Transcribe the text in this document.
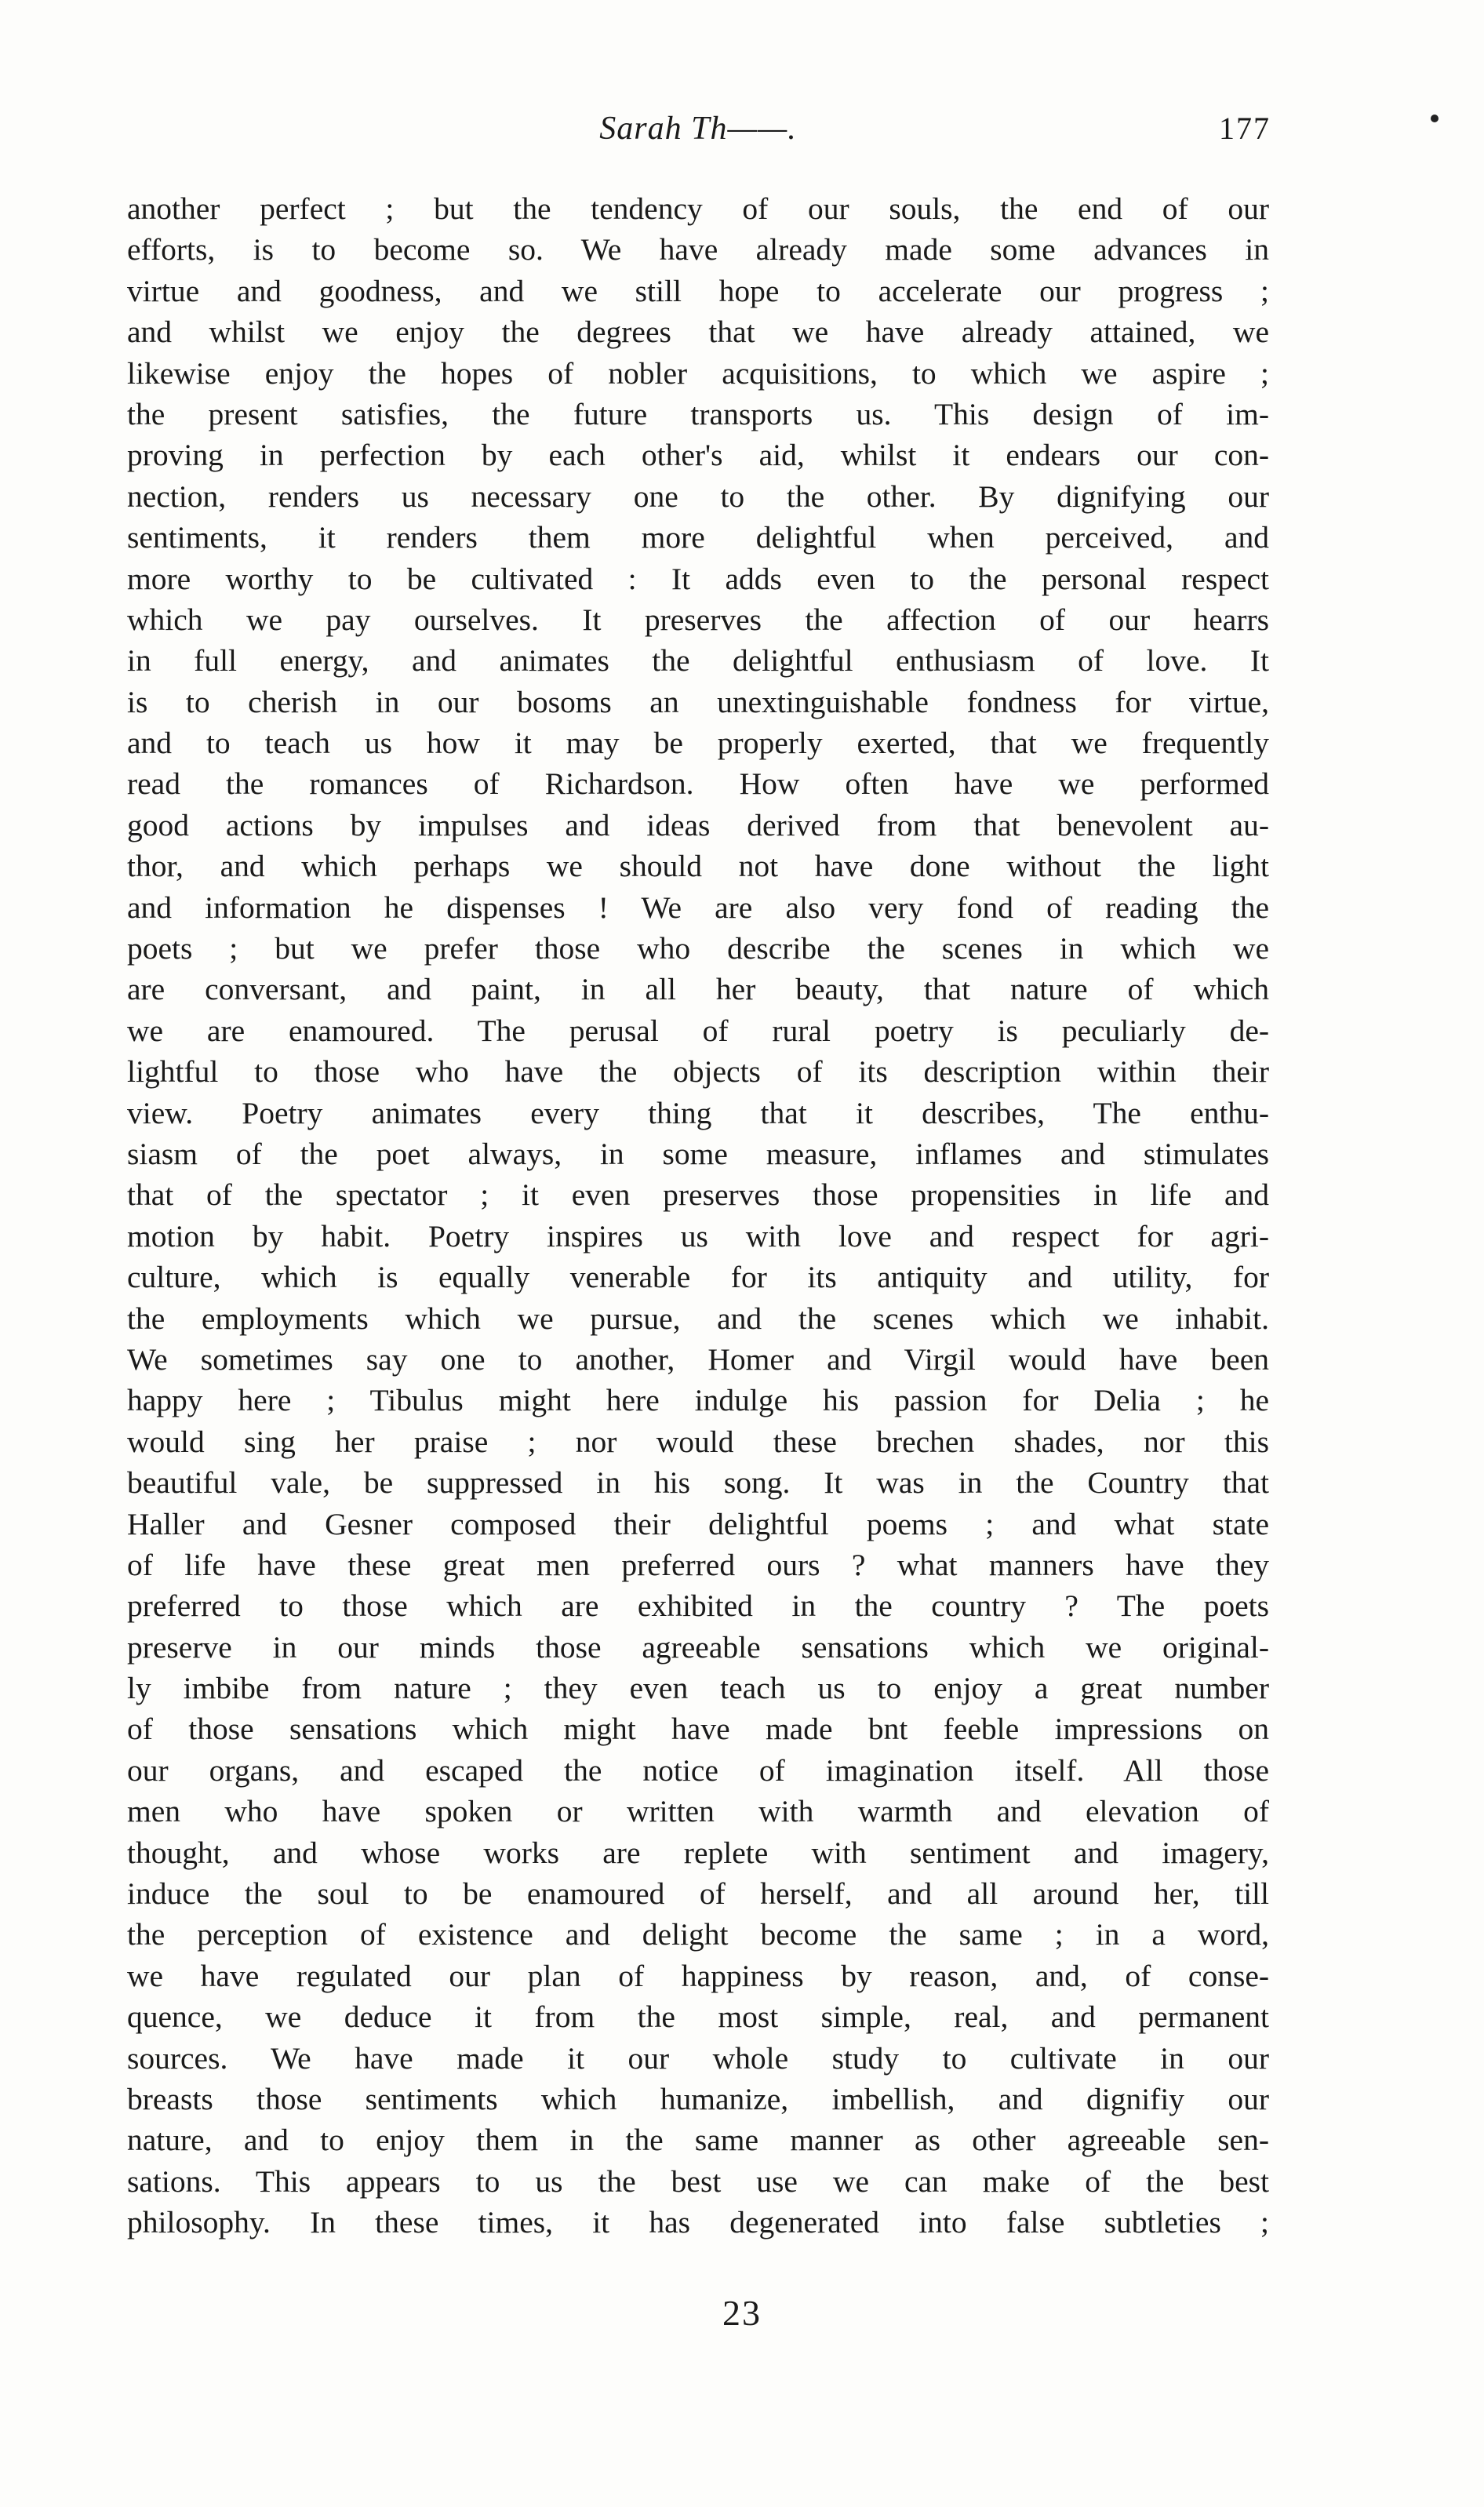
Sarah Th——.	177
another perfect ; but the tendency of our souls, the end of our
efforts, is to become so. We have already made some advances in
virtue and goodness, and we still hope to accelerate our progress ;
and whilst we enjoy the degrees that we have already attained, we
likewise enjoy the hopes of nobler acquisitions, to which we aspire ;
the present satisfies, the future transports us. This design of im-
proving in perfection by each other's aid, whilst it endears our con-
nection, renders us necessary one to the other. By dignifying our
sentiments, it renders them more delightful when perceived, and
more worthy to be cultivated : It adds even to the personal respect
which we pay ourselves. It preserves the affection of our hearrs
in full energy, and animates the delightful enthusiasm of love. It
is to cherish in our bosoms an unextinguishable fondness for virtue,
and to teach us how it may be properly exerted, that we frequently
read the romances of Richardson. How often have we performed
good actions by impulses and ideas derived from that benevolent au-
thor, and which perhaps we should not have done without the light
and information he dispenses ! We are also very fond of reading the
poets ; but we prefer those who describe the scenes in which we
are conversant, and paint, in all her beauty, that nature of which
we are enamoured. The perusal of rural poetry is peculiarly de-
lightful to those who have the objects of its description within their
view. Poetry animates every thing that it describes, The enthu-
siasm of the poet always, in some measure, inflames and stimulates
that of the spectator ; it even preserves those propensities in life and
motion by habit. Poetry inspires us with love and respect for agri-
culture, which is equally venerable for its antiquity and utility, for
the employments which we pursue, and the scenes which we inhabit.
We sometimes say one to another, Homer and Virgil would have been
happy here ; Tibulus might here indulge his passion for Delia ; he
would sing her praise ; nor would these brechen shades, nor this
beautiful vale, be suppressed in his song. It was in the Country that
Haller and Gesner composed their delightful poems ; and what state
of life have these great men preferred ours ? what manners have they
preferred to those which are exhibited in the country ? The poets
preserve in our minds those agreeable sensations which we original-
ly imbibe from nature ; they even teach us to enjoy a great number
of those sensations which might have made bnt feeble impressions on
our organs, and escaped the notice of imagination itself. All those
men who have spoken or written with warmth and elevation of
thought, and whose works are replete with sentiment and imagery,
induce the soul to be enamoured of herself, and all around her, till
the perception of existence and delight become the same ; in a word,
we have regulated our plan of happiness by reason, and, of conse-
quence, we deduce it from the most simple, real, and permanent
sources. We have made it our whole study to cultivate in our
breasts those sentiments which humanize, imbellish, and dignifiy our
nature, and to enjoy them in the same manner as other agreeable sen-
sations. This appears to us the best use we can make of the best
philosophy. In these times, it has degenerated into false subtleties ;
23
